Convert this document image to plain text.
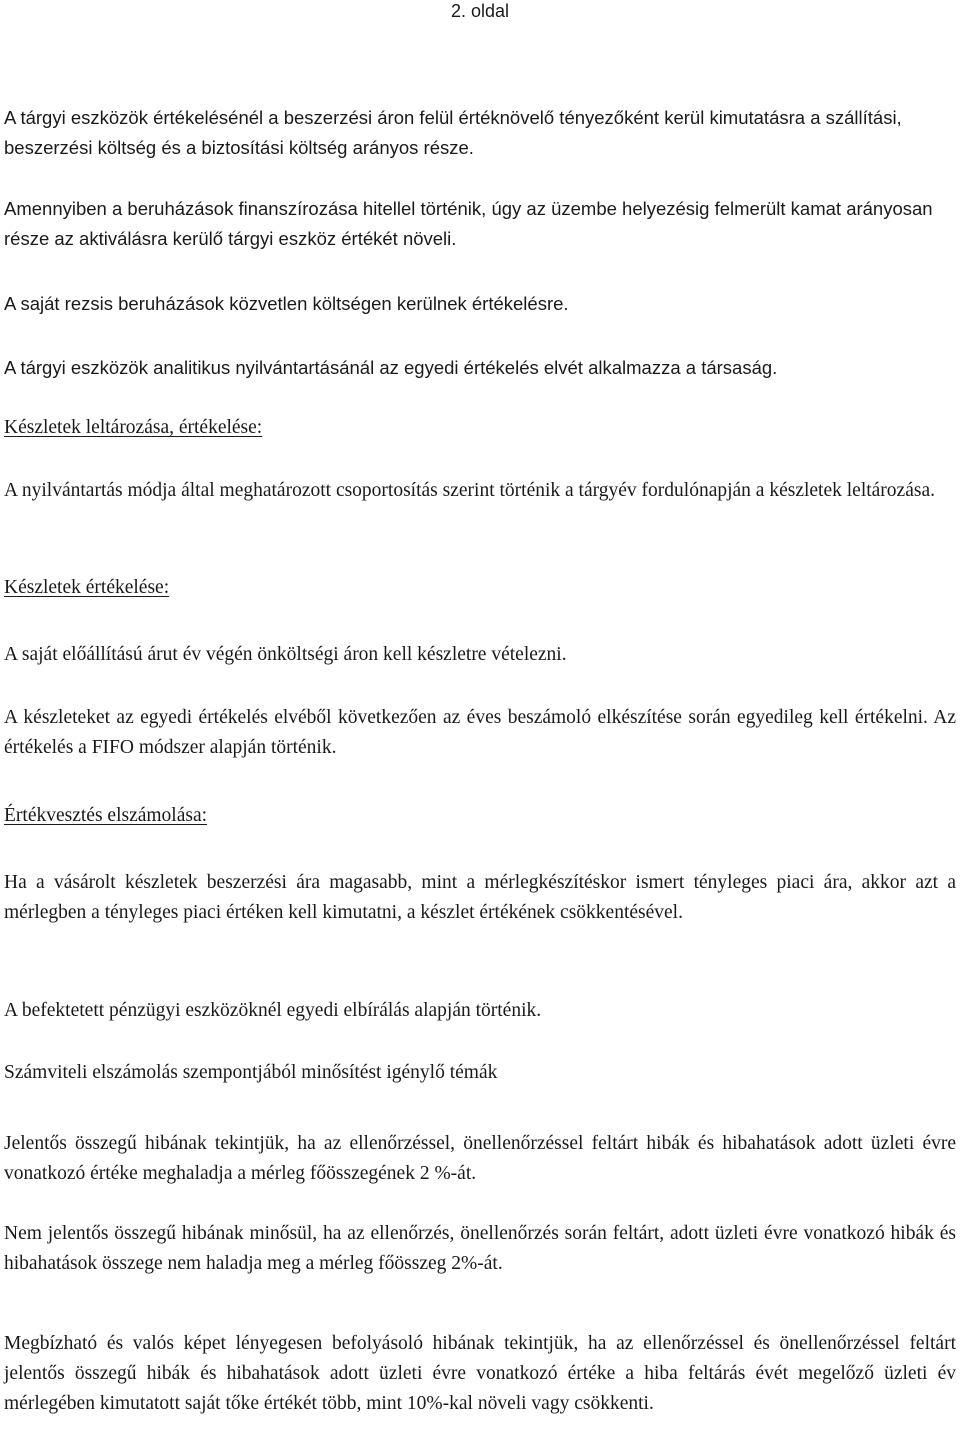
2. oldal

A tárgyi eszközök értékelésénél a beszerzési áron felül értéknövelő tényezőként kerül kimutatásra a szállítási, beszerzési költség és a biztosítási költség arányos része.

Amennyiben a beruházások finanszírozása hitellel történik, úgy az üzembe helyezésig felmerült kamat arányosan része az aktiválásra kerülő tárgyi eszköz értékét növeli.

A saját rezsis beruházások közvetlen költségen kerülnek értékelésre.

A tárgyi eszközök analitikus nyilvántartásánál az egyedi értékelés elvét alkalmazza a társaság.

Készletek leltározása, értékelése:

A nyilvántartás módja által meghatározott csoportosítás szerint történik a tárgyév fordulónapján a készletek leltározása.

Készletek értékelése:

A saját előállítású árut év végén önköltségi áron kell készletre vételezni.

A készleteket az egyedi értékelés elvéből következően az éves beszámoló elkészítése során egyedileg kell értékelni. Az értékelés a FIFO módszer alapján történik.

Értékvesztés elszámolása:

Ha a vásárolt készletek beszerzési ára magasabb, mint a mérlegkészítéskor ismert tényleges piaci ára, akkor azt a mérlegben a tényleges piaci értéken kell kimutatni, a készlet értékének csökkentésével.

A befektetett pénzügyi eszközöknél egyedi elbírálás alapján történik.

Számviteli elszámolás szempontjából minősítést igénylő témák

Jelentős összegű hibának tekintjük, ha az ellenőrzéssel, önellenőrzéssel feltárt hibák és hibahatások adott üzleti évre vonatkozó értéke meghaladja a mérleg főösszegének 2 %-át.

Nem jelentős összegű hibának minősül, ha az ellenőrzés, önellenőrzés során feltárt, adott üzleti évre vonatkozó hibák és hibahatások összege nem haladja meg a mérleg főösszeg 2%-át.

Megbízható és valós képet lényegesen befolyásoló hibának tekintjük, ha az ellenőrzéssel és önellenőrzéssel feltárt jelentős összegű hibák és hibahatások adott üzleti évre vonatkozó értéke a hiba feltárás évét megelőző üzleti év mérlegében kimutatott saját tőke értékét több, mint 10%-kal növeli vagy csökkenti.
